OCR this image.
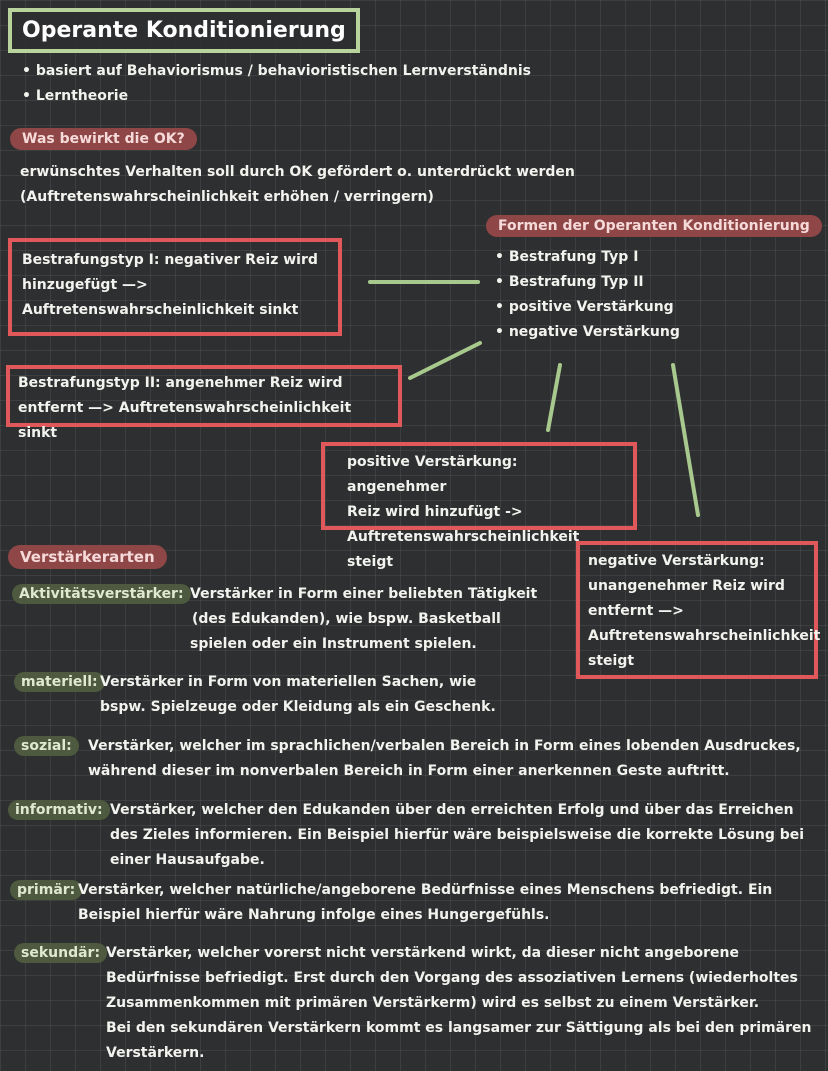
Operante Konditionierung
• basiert auf Behaviorismus / behavioristischen Lernverständnis
• Lerntheorie
Was bewirkt die OK?
erwünschtes Verhalten soll durch OK gefördert o. unterdrückt werden
(Auftretenswahrscheinlichkeit erhöhen / verringern)
Formen der Operanten Konditionierung
• Bestrafung Typ I
• Bestrafung Typ II
• positive Verstärkung
• negative Verstärkung
Bestrafungstyp I: negativer Reiz wird
hinzugefügt —>
Auftretenswahrscheinlichkeit sinkt
Bestrafungstyp II: angenehmer Reiz wird
entfernt —> Auftretenswahrscheinlichkeit sinkt
positive Verstärkung: angenehmer
Reiz wird hinzufügt ->
Auftretenswahrscheinlichkeit steigt	negative Verstärkung:
unangenehmer Reiz wird
entfernt —>
Auftretenswahrscheinlichkeit
steigt
Verstärkerarten
Aktivitätsverstärker: Verstärker in Form einer beliebten Tätigkeit
(des Edukanden), wie bspw. Basketball
spielen oder ein Instrument spielen.
materiell: Verstärker in Form von materiellen Sachen, wie
bspw. Spielzeuge oder Kleidung als ein Geschenk.
sozial:	Verstärker, welcher im sprachlichen/verbalen Bereich in Form eines lobenden Ausdruckes,
während dieser im nonverbalen Bereich in Form einer anerkennen Geste auftritt.
informativ: Verstärker, welcher den Edukanden über den erreichten Erfolg und über das Erreichen
des Zieles informieren. Ein Beispiel hierfür wäre beispielsweise die korrekte Lösung bei
einer Hausaufgabe.
primär: Verstärker, welcher natürliche/angeborene Bedürfnisse eines Menschens befriedigt. Ein
Beispiel hierfür wäre Nahrung infolge eines Hungergefühls.
sekundär: Verstärker, welcher vorerst nicht verstärkend wirkt, da dieser nicht angeborene
Bedürfnisse befriedigt. Erst durch den Vorgang des assoziativen Lernens (wiederholtes
Zusammenkommen mit primären Verstärkerm) wird es selbst zu einem Verstärker.
Bei den sekundären Verstärkern kommt es langsamer zur Sättigung als bei den primären
Verstärkern.
